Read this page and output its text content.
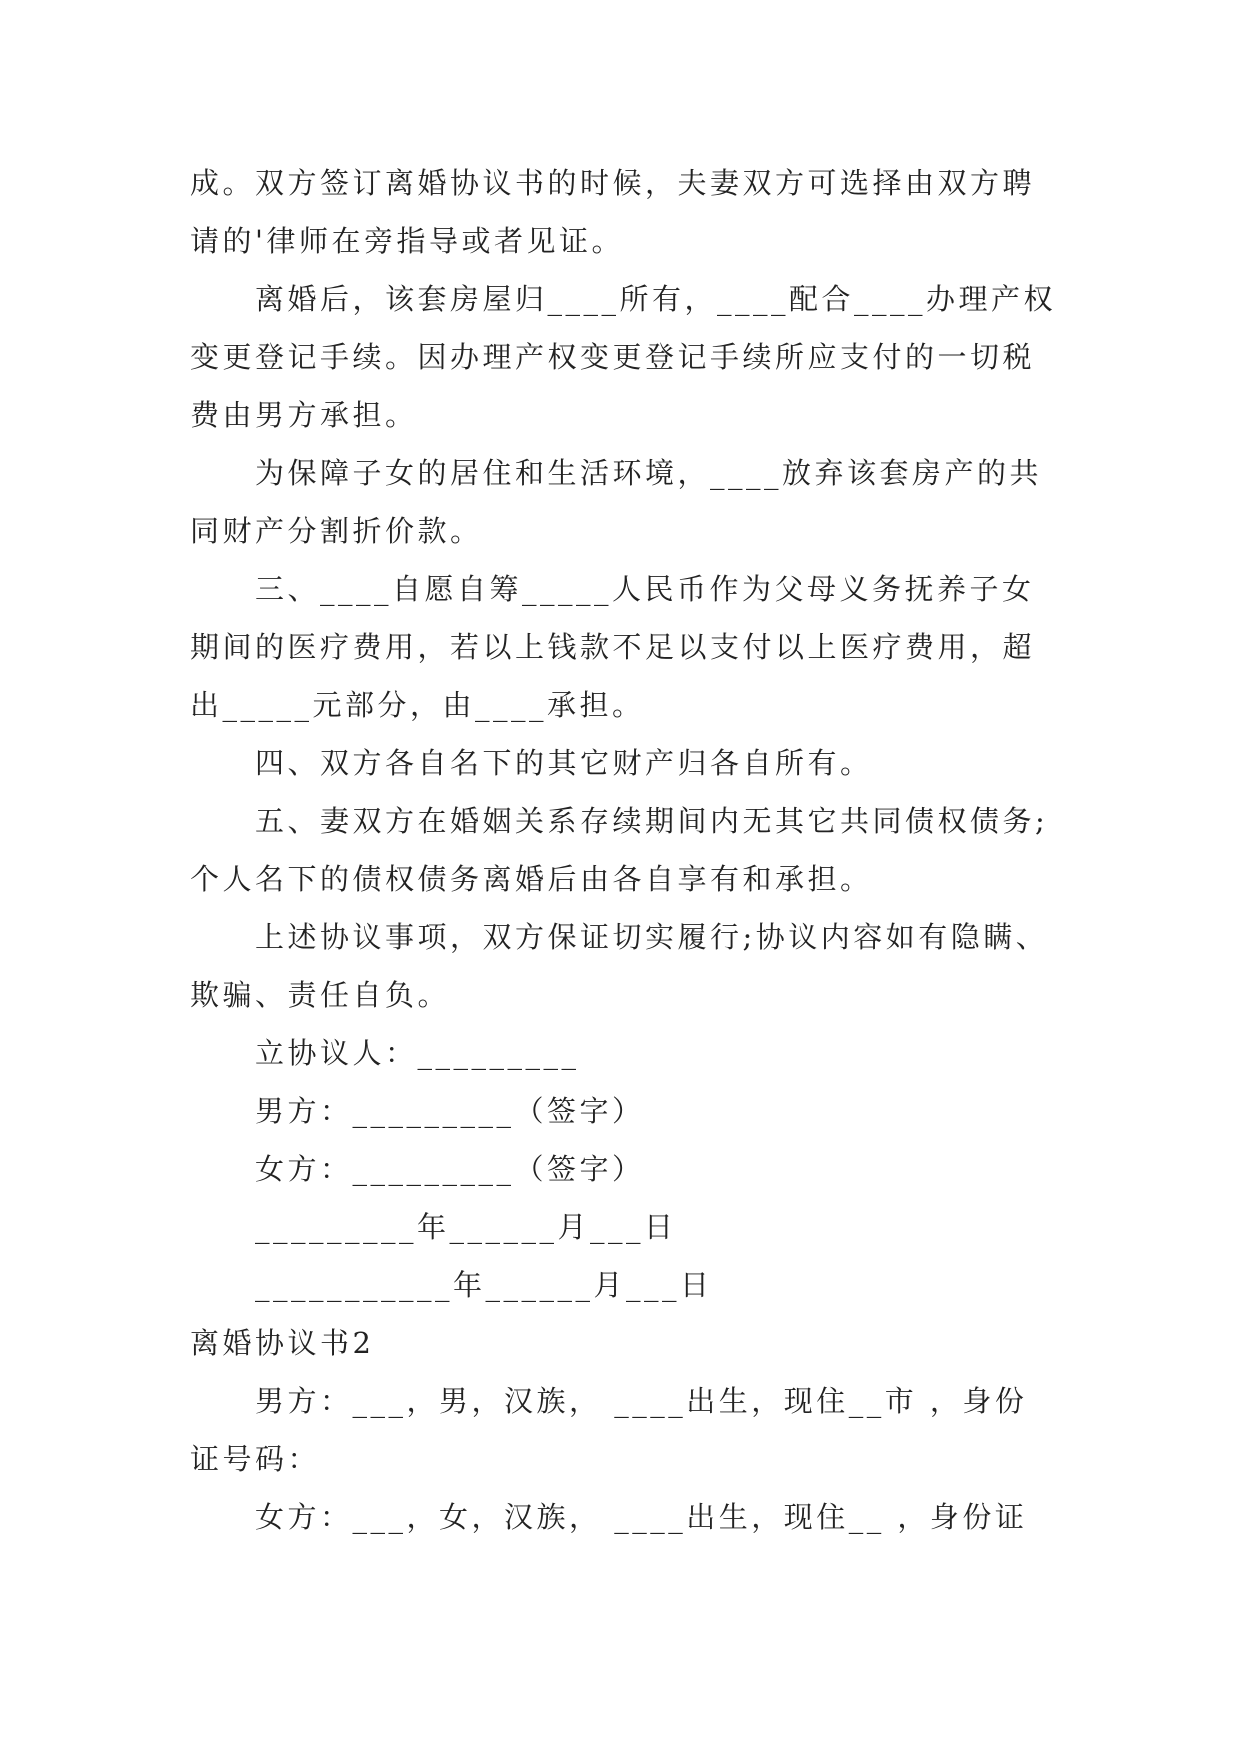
成。双方签订离婚协议书的时候，夫妻双方可选择由双方聘
请的'律师在旁指导或者见证。
离婚后，该套房屋归____所有，____配合____办理产权
变更登记手续。因办理产权变更登记手续所应支付的一切税
费由男方承担。
为保障子女的居住和生活环境，____放弃该套房产的共
同财产分割折价款。
三、____自愿自筹_____人民币作为父母义务抚养子女
期间的医疗费用，若以上钱款不足以支付以上医疗费用，超
出_____元部分，由____承担。
四、双方各自名下的其它财产归各自所有。
五、妻双方在婚姻关系存续期间内无其它共同债权债务;
个人名下的债权债务离婚后由各自享有和承担。
上述协议事项，双方保证切实履行;协议内容如有隐瞒、
欺骗、责任自负。
立协议人：_________
男方：_________（签字）
女方：_________（签字）
_________年______月___日
___________年______月___日
离婚协议书2
男方：___，男，汉族， ____出生，现住__市 ，身份
证号码：
女方：___，女，汉族， ____出生，现住__ ，身份证
